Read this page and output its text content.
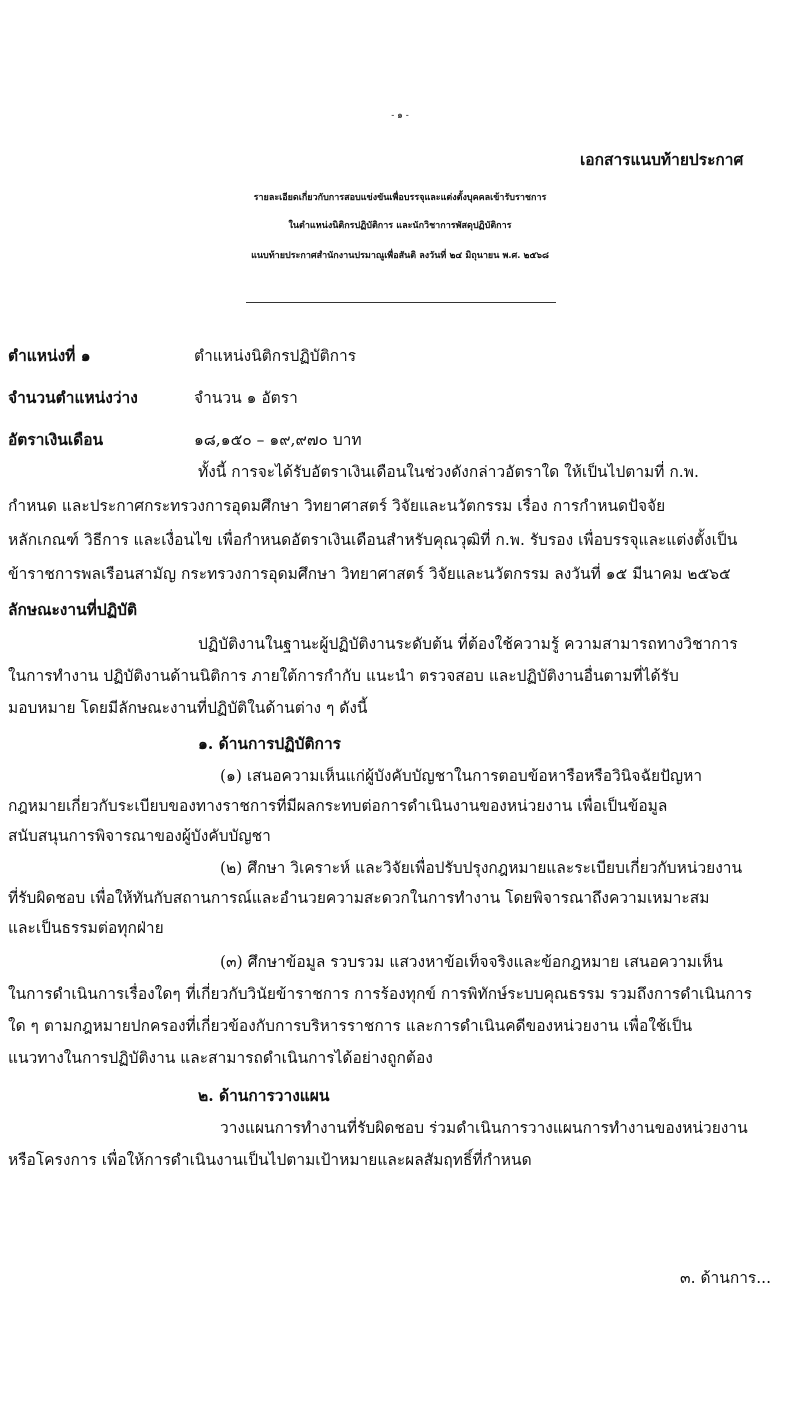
- ๑ -
เอกสารแนบท้ายประกาศ
รายละเอียดเกี่ยวกับการสอบแข่งขันเพื่อบรรจุและแต่งตั้งบุคคลเข้ารับราชการ
ในตำแหน่งนิติกรปฏิบัติการ และนักวิชาการพัสดุปฏิบัติการ
แนบท้ายประกาศสำนักงานปรมาณูเพื่อสันติ ลงวันที่ ๒๔ มิถุนายน พ.ศ. ๒๕๖๘
ตำแหน่งที่ ๑	ตำแหน่งนิติกรปฏิบัติการ
จำนวนตำแหน่งว่าง	จำนวน ๑ อัตรา
อัตราเงินเดือน	๑๘,๑๕๐ – ๑๙,๙๗๐ บาท
ทั้งนี้ การจะได้รับอัตราเงินเดือนในช่วงดังกล่าวอัตราใด ให้เป็นไปตามที่ ก.พ.
กำหนด และประกาศกระทรวงการอุดมศึกษา วิทยาศาสตร์ วิจัยและนวัตกรรม เรื่อง การกำหนดปัจจัย
หลักเกณฑ์ วิธีการ และเงื่อนไข เพื่อกำหนดอัตราเงินเดือนสำหรับคุณวุฒิที่ ก.พ. รับรอง เพื่อบรรจุและแต่งตั้งเป็น
ข้าราชการพลเรือนสามัญ กระทรวงการอุดมศึกษา วิทยาศาสตร์ วิจัยและนวัตกรรม ลงวันที่ ๑๕ มีนาคม ๒๕๖๕
ลักษณะงานที่ปฏิบัติ
ปฏิบัติงานในฐานะผู้ปฏิบัติงานระดับต้น ที่ต้องใช้ความรู้ ความสามารถทางวิชาการ
ในการทำงาน ปฏิบัติงานด้านนิติการ ภายใต้การกำกับ แนะนำ ตรวจสอบ และปฏิบัติงานอื่นตามที่ได้รับ
มอบหมาย โดยมีลักษณะงานที่ปฏิบัติในด้านต่าง ๆ ดังนี้
๑. ด้านการปฏิบัติการ
(๑) เสนอความเห็นแก่ผู้บังคับบัญชาในการตอบข้อหารือหรือวินิจฉัยปัญหา
กฎหมายเกี่ยวกับระเบียบของทางราชการที่มีผลกระทบต่อการดำเนินงานของหน่วยงาน เพื่อเป็นข้อมูล
สนับสนุนการพิจารณาของผู้บังคับบัญชา
(๒) ศึกษา วิเคราะห์ และวิจัยเพื่อปรับปรุงกฎหมายและระเบียบเกี่ยวกับหน่วยงาน
ที่รับผิดชอบ เพื่อให้ทันกับสถานการณ์และอำนวยความสะดวกในการทำงาน โดยพิจารณาถึงความเหมาะสม
และเป็นธรรมต่อทุกฝ่าย
(๓) ศึกษาข้อมูล รวบรวม แสวงหาข้อเท็จจริงและข้อกฎหมาย เสนอความเห็น
ในการดำเนินการเรื่องใดๆ ที่เกี่ยวกับวินัยข้าราชการ การร้องทุกข์ การพิทักษ์ระบบคุณธรรม รวมถึงการดำเนินการ
ใด ๆ ตามกฎหมายปกครองที่เกี่ยวข้องกับการบริหารราชการ และการดำเนินคดีของหน่วยงาน เพื่อใช้เป็น
แนวทางในการปฏิบัติงาน และสามารถดำเนินการได้อย่างถูกต้อง
๒. ด้านการวางแผน
วางแผนการทำงานที่รับผิดชอบ ร่วมดำเนินการวางแผนการทำงานของหน่วยงาน
หรือโครงการ เพื่อให้การดำเนินงานเป็นไปตามเป้าหมายและผลสัมฤทธิ์ที่กำหนด
๓. ด้านการ...
